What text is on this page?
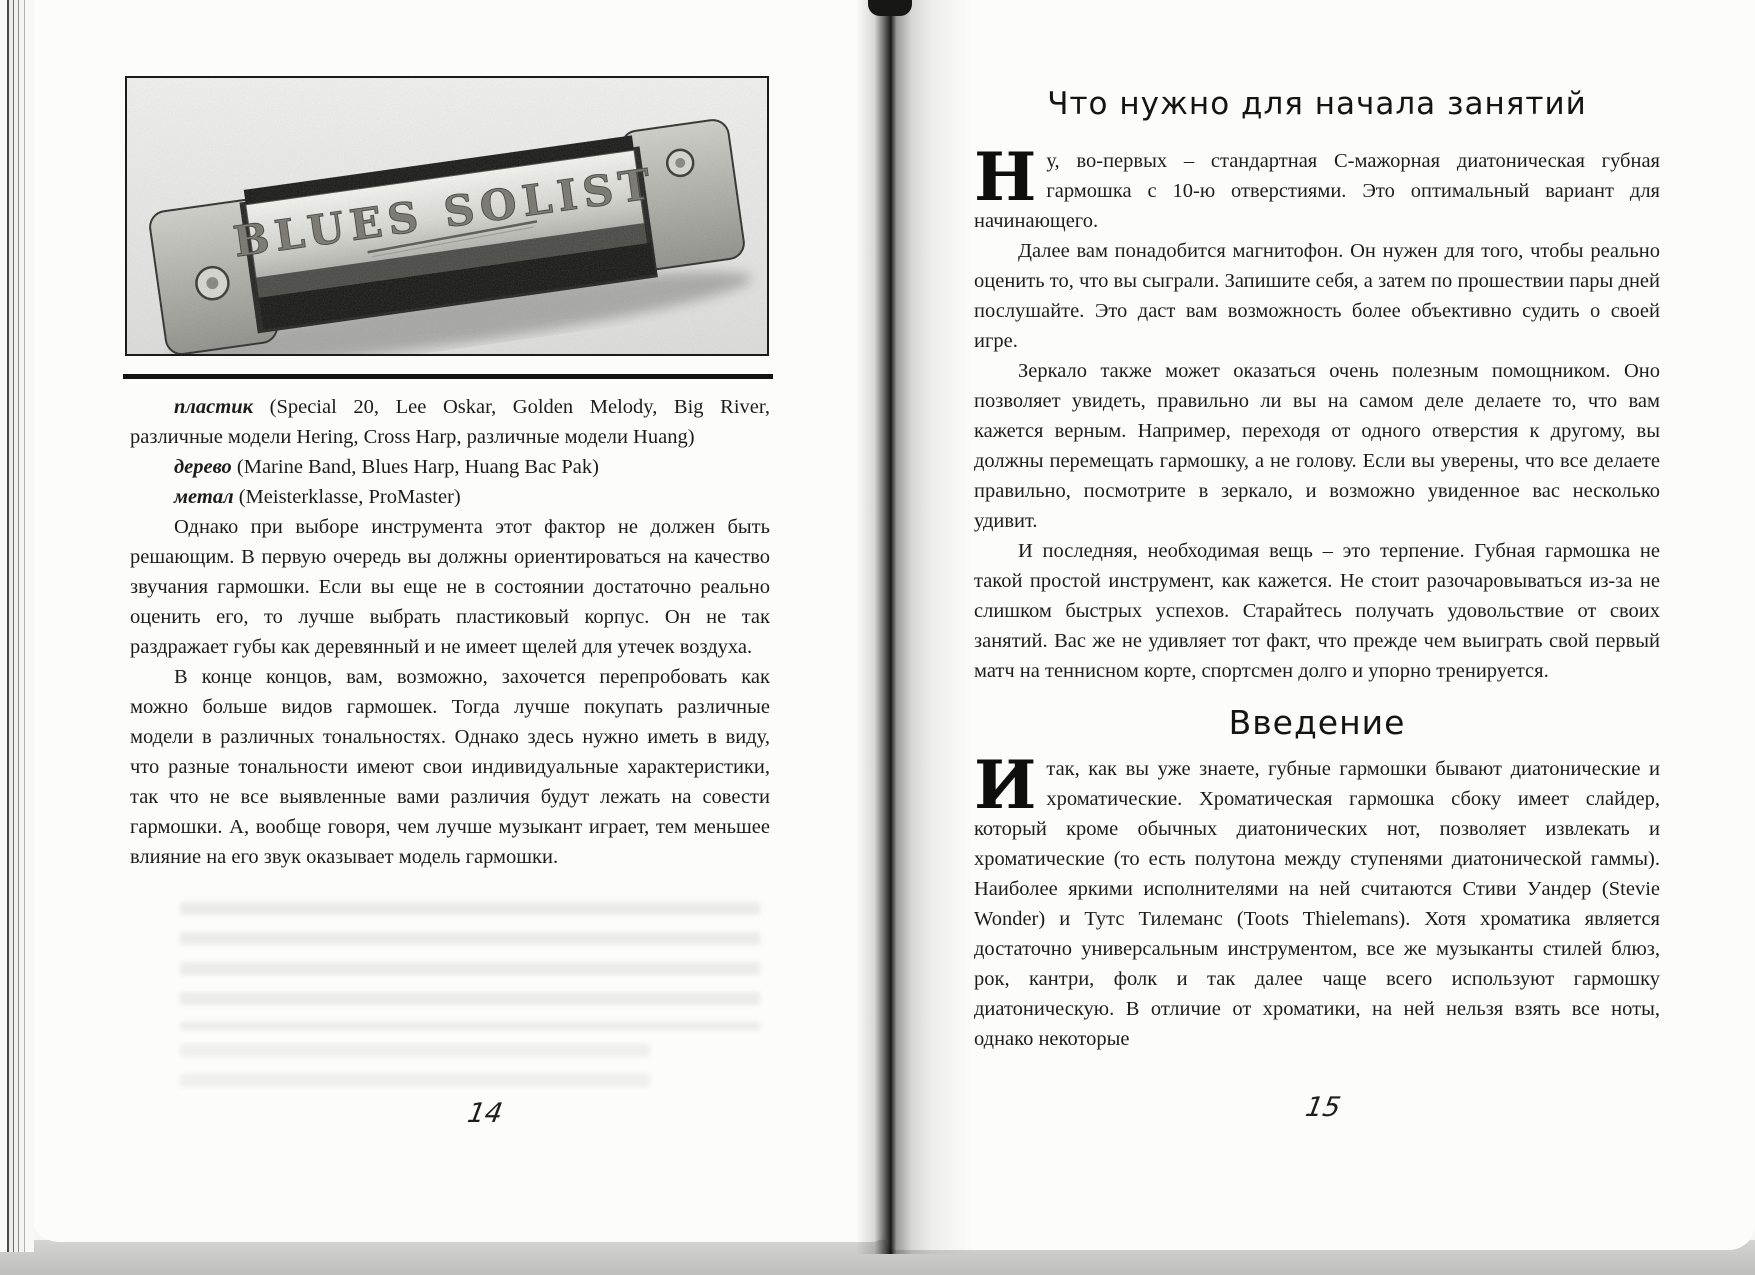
пластик (Special 20, Lee Oskar, Golden Melody, Big River, различные модели Hering, Cross Harp, различные модели Huang)

дерево (Marine Band, Blues Harp, Huang Bac Pak)

метал (Meisterklasse, ProMaster)

Однако при выборе инструмента этот фактор не должен быть решающим. В первую очередь вы должны ориентироваться на качество звучания гармошки. Если вы еще не в состоянии достаточно реально оценить его, то лучше выбрать пластиковый корпус. Он не так раздражает губы как деревянный и не имеет щелей для утечек воздуха.

В конце концов, вам, возможно, захочется перепробовать как можно больше видов гармошек. Тогда лучше покупать различные модели в различных тональностях. Однако здесь нужно иметь в виду, что разные тональности имеют свои индивидуальные характеристики, так что не все выявленные вами различия будут лежать на совести гармошки. А, вообще говоря, чем лучше музыкант играет, тем меньшее влияние на его звук оказывает модель гармошки.

14
Что нужно для начала занятий

Ну, во-первых – стандартная C-мажорная диатоническая губная гармошка с 10-ю отверстиями. Это оптимальный вариант для начинающего.

Далее вам понадобится магнитофон. Он нужен для того, чтобы реально оценить то, что вы сыграли. Запишите себя, а затем по прошествии пары дней послушайте. Это даст вам возможность более объективно судить о своей игре.

Зеркало также может оказаться очень полезным помощником. Оно позволяет увидеть, правильно ли вы на самом деле делаете то, что вам кажется верным. Например, переходя от одного отверстия к другому, вы должны перемещать гармошку, а не голову. Если вы уверены, что все делаете правильно, посмотрите в зеркало, и возможно увиденное вас несколько удивит.

И последняя, необходимая вещь – это терпение. Губная гармошка не такой простой инструмент, как кажется. Не стоит разочаровываться из-за не слишком быстрых успехов. Старайтесь получать удовольствие от своих занятий. Вас же не удивляет тот факт, что прежде чем выиграть свой первый матч на теннисном корте, спортсмен долго и упорно тренируется.

Введение

Итак, как вы уже знаете, губные гармошки бывают диатонические и хроматические. Хроматическая гармошка сбоку имеет слайдер, который кроме обычных диатонических нот, позволяет извлекать и хроматические (то есть полутона между ступенями диатонической гаммы). Наиболее яркими исполнителями на ней считаются Стиви Уандер (Stevie Wonder) и Тутс Тилеманс (Toots Thielemans). Хотя хроматика является достаточно универсальным инструментом, все же музыканты стилей блюз, рок, кантри, фолк и так далее чаще всего используют гармошку диатоническую. В отличие от хроматики, на ней нельзя взять все ноты, однако некоторые

15
